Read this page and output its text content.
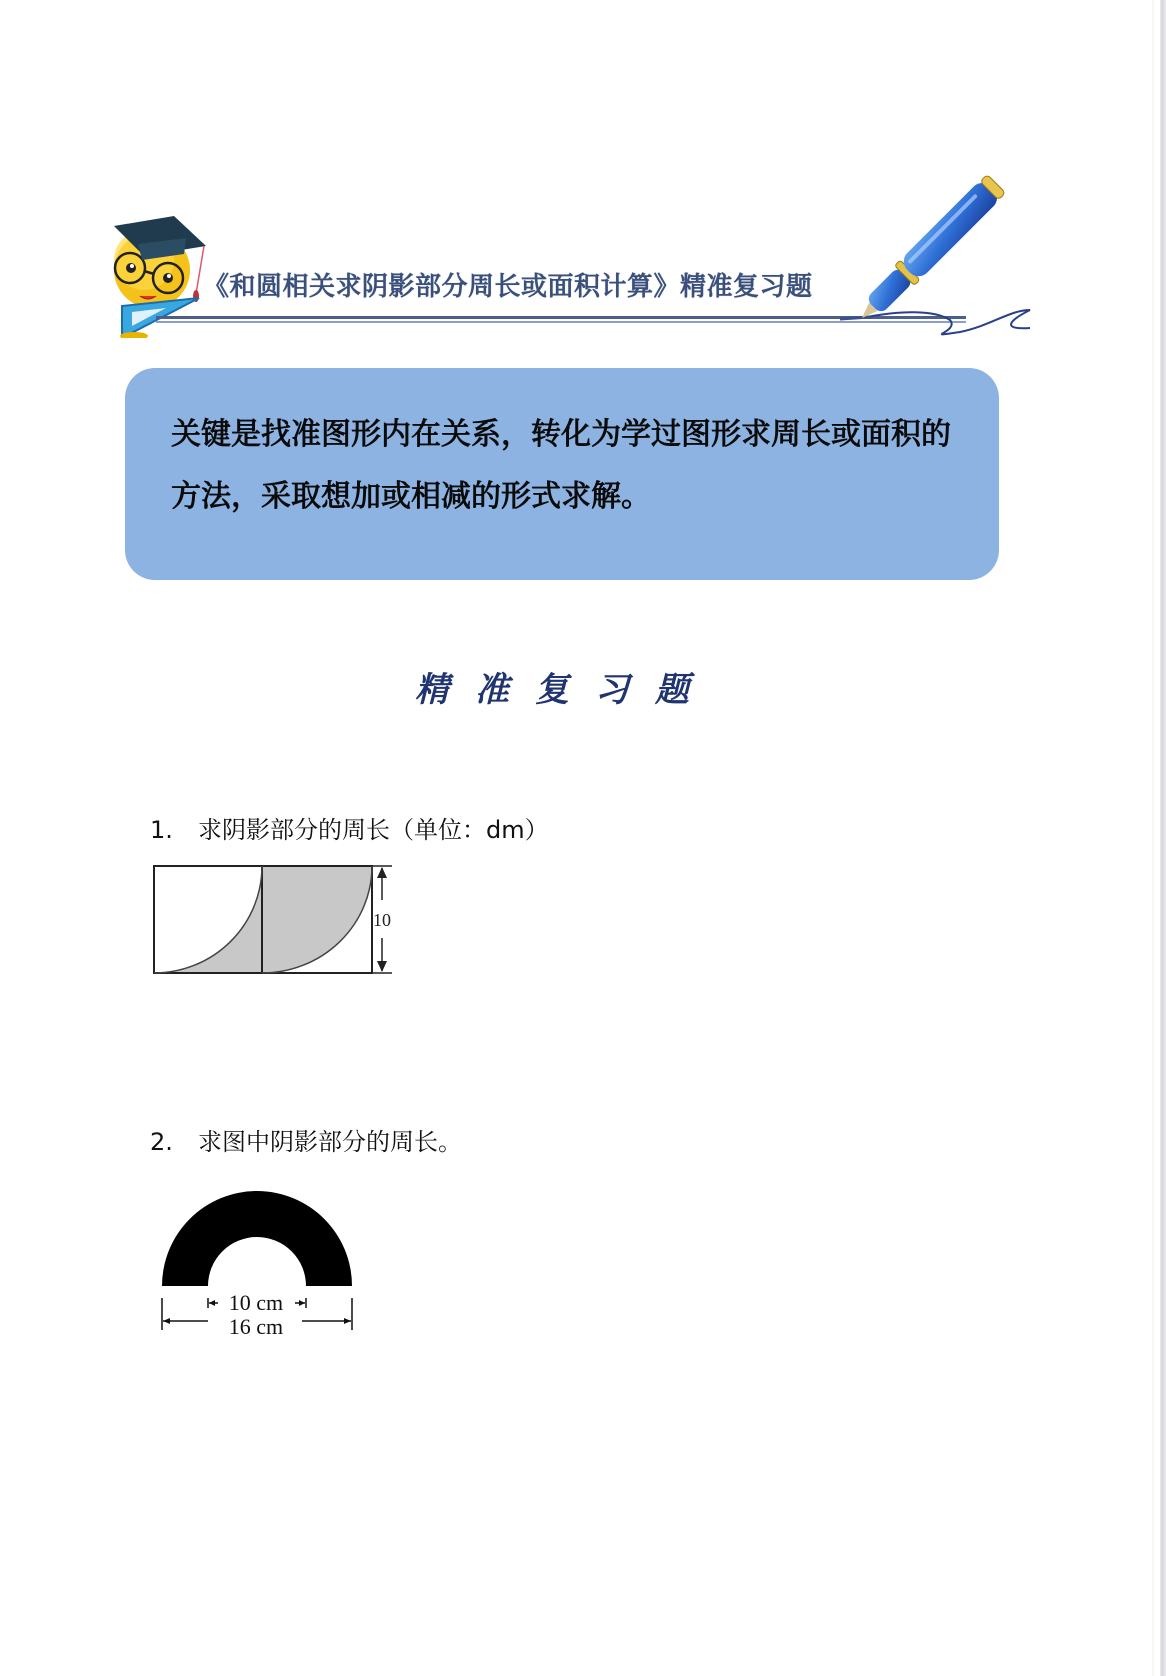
《和圆相关求阴影部分周长或面积计算》精准复习题
关键是找准图形内在关系，转化为学过图形求周长或面积的方法，采取想加或相减的形式求解。
精准复习题
1. 求阴影部分的周长（单位：dm）
10
2. 求图中阴影部分的周长。
10 cm
16 cm
